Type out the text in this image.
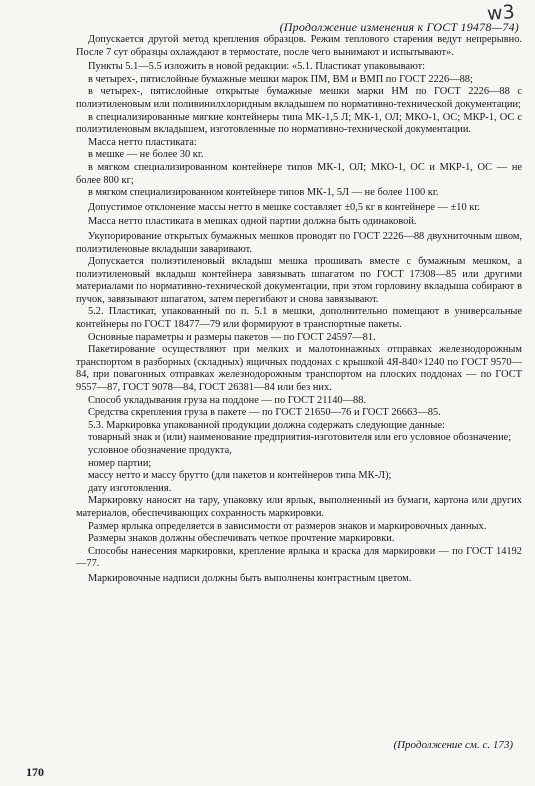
w3
(Продолжение изменения к ГОСТ 19478—74)

Допускается другой метод крепления образцов. Режим теплового старения ведут непрерывно. После 7 сут образцы охлаждают в термостате, после чего вынимают и испытывают».

Пункты 5.1—5.5 изложить в новой редакции: «5.1. Пластикат упаковывают:

в четырех-, пятислойные бумажные мешки марок ПМ, ВМ и ВМП по ГОСТ 2226—88;

в четырех-, пятислойные открытые бумажные мешки марки НМ по ГОСТ 2226—88 с полиэтиленовым или поливинилхлоридным вкладышем по нормативно-технической документации;

в специализированные мягкие контейнеры типа МК-1,5 Л; МК-1, ОЛ; МКО-1, ОС; МКР-1, ОС с полиэтиленовым вкладышем, изготовленные по нормативно-технической документации.

Масса нетто пластиката:

в мешке — не более 30 кг.

в мягком специализированном контейнере типов МК-1, ОЛ; МКО-1, ОС и МКР-1, ОС — не более 800 кг;

в мягком специализированном контейнере типов МК-1, 5Л — не более 1100 кг.

Допустимое отклонение массы нетто в мешке составляет ±0,5 кг в контейнере — ±10 кг.

Масса нетто пластиката в мешках одной партии должна быть одинаковой.

Укупорирование открытых бумажных мешков проводят по ГОСТ 2226—88 двухниточным швом, полиэтиленовые вкладыши заваривают.

Допускается полиэтиленовый вкладыш мешка прошивать вместе с бумажным мешком, а полиэтиленовый вкладыш контейнера завязывать шпагатом по ГОСТ 17308—85 или другими материалами по нормативно-технической документации, при этом горловину вкладыша собирают в пучок, завязывают шпагатом, затем перегибают и снова завязывают.

5.2. Пластикат, упакованный по п. 5.1 в мешки, дополнительно помещают в универсальные контейнеры по ГОСТ 18477—79 или формируют в транспортные пакеты.

Основные параметры и размеры пакетов — по ГОСТ 24597—81.

Пакетирование осуществляют при мелких и малотоннажных отправках железнодорожным транспортом в разборных (складных) ящичных поддонах с крышкой 4Я-840×1240 по ГОСТ 9570—84, при повагонных отправках железнодорожным транспортом на плоских поддонах — по ГОСТ 9557—87, ГОСТ 9078—84, ГОСТ 26381—84 или без них.

Способ укладывания груза на поддоне — по ГОСТ 21140—88.

Средства скрепления груза в пакете — по ГОСТ 21650—76 и ГОСТ 26663—85.

5.3. Маркировка упакованной продукции должна содержать следующие данные:

товарный знак и (или) наименование предприятия-изготовителя или его условное обозначение;

условное обозначение продукта,

номер партии;

массу нетто и массу брутто (для пакетов и контейнеров типа МК-Л);

дату изготовления.

Маркировку наносят на тару, упаковку или ярлык, выполненный из бумаги, картона или других материалов, обеспечивающих сохранность маркировки.

Размер ярлыка определяется в зависимости от размеров знаков и маркировочных данных.

Размеры знаков должны обеспечивать четкое прочтение маркировки.

Способы нанесения маркировки, крепление ярлыка и краска для маркировки — по ГОСТ 14192—77.

Маркировочные надписи должны быть выполнены контрастным цветом.

(Продолжение см. с. 173)
170
